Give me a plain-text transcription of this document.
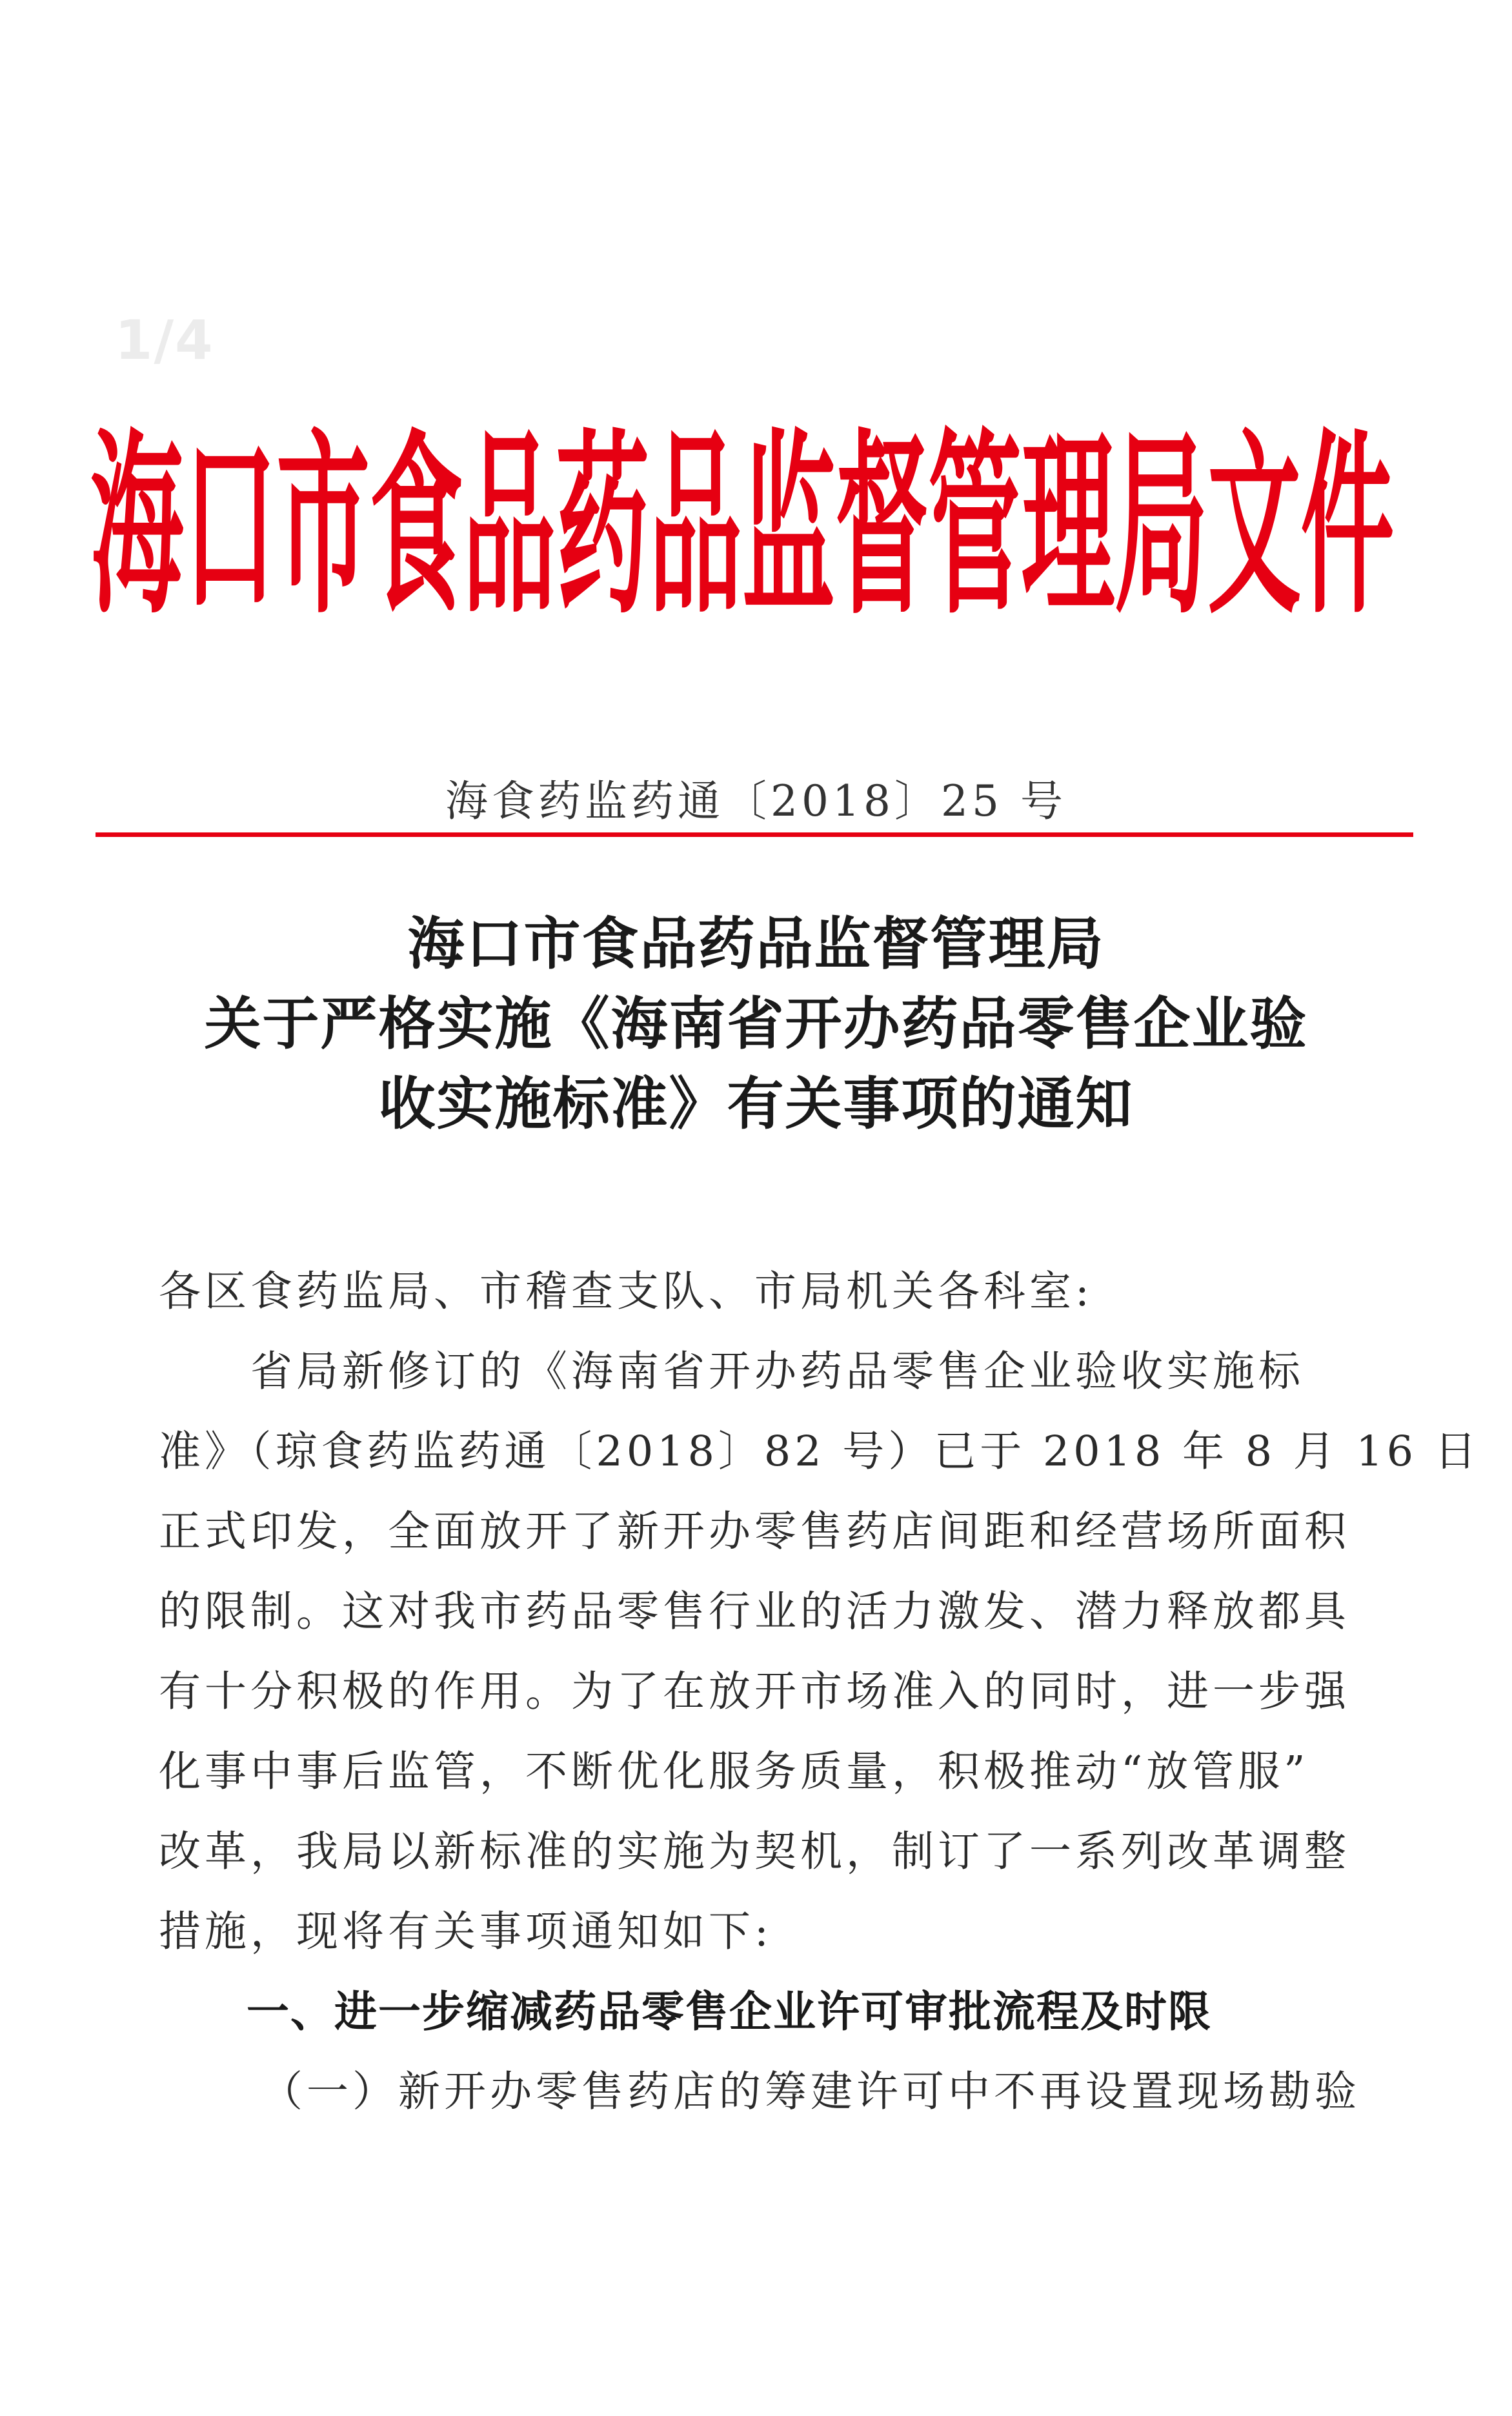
1/4
海口市食品药品监督管理局文件
海食药监药通〔2018〕25 号
海口市食品药品监督管理局
关于严格实施《海南省开办药品零售企业验
收实施标准》有关事项的通知
各区食药监局、市稽查支队、市局机关各科室:
省局新修订的《海南省开办药品零售企业验收实施标
准》（琼食药监药通〔2018〕82 号）已于 2018 年 8 月 16 日
正式印发，全面放开了新开办零售药店间距和经营场所面积
的限制。这对我市药品零售行业的活力激发、潜力释放都具
有十分积极的作用。为了在放开市场准入的同时，进一步强
化事中事后监管，不断优化服务质量，积极推动“放管服”
改革，我局以新标准的实施为契机，制订了一系列改革调整
措施，现将有关事项通知如下:
一、进一步缩减药品零售企业许可审批流程及时限
（一）新开办零售药店的筹建许可中不再设置现场勘验
